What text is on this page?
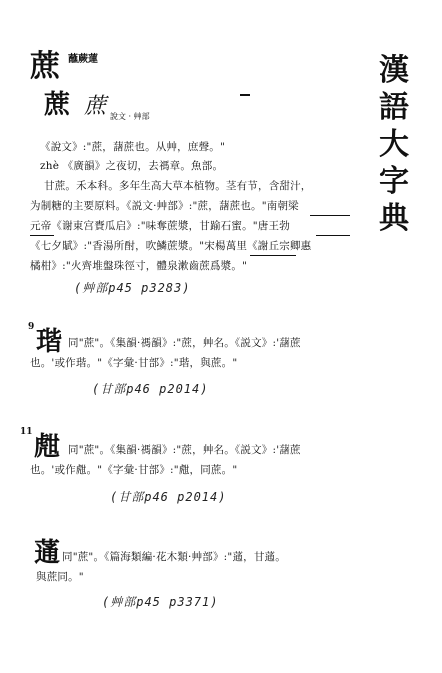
漢語大字典
蔗 蘸蕨蓮
蔗 蔗 說文 · 艸部
《說文》:"蔗，藷蔗也。从艸，庶聲。"
zhè 《廣韻》之夜切，去禡章。魚部。
甘蔗。禾本科。多年生高大草本植物。茎有节，含甜汁，
为制糖的主要原料。《説文·艸部》:"蔗，藷蔗也。"南朝梁
元帝《谢東宫賚瓜启》:"味奪蔗漿，甘踰石蜜。"唐王勃
《七夕賦》:"香湯所酎，吹鱗蔗漿。"宋楊萬里《謝丘宗卿惠
橘柑》:"火齊堆盤珠徑寸，體泉漱齒蔗爲漿。"
(艸部p45 p3283)
9 瑎 同"蔗"。《集韻·禡韻》:"蔗，艸名。《説文》:'藷蔗
也。'或作瑎。"《字彙·甘部》:"瑎，與蔗。"
(甘部p46 p2014)
11 甝 同"蔗"。《集韻·禡韻》:"蔗，艸名。《説文》:'藷蔗
也。'或作甝。"《字彙·甘部》:"甝，同蔗。"
(甘部p46 p2014)
蓪 同"蔗"。《篇海類編·花木類·艸部》:"蓪，甘蓪。
與蔗同。"
(艸部p45 p3371)
